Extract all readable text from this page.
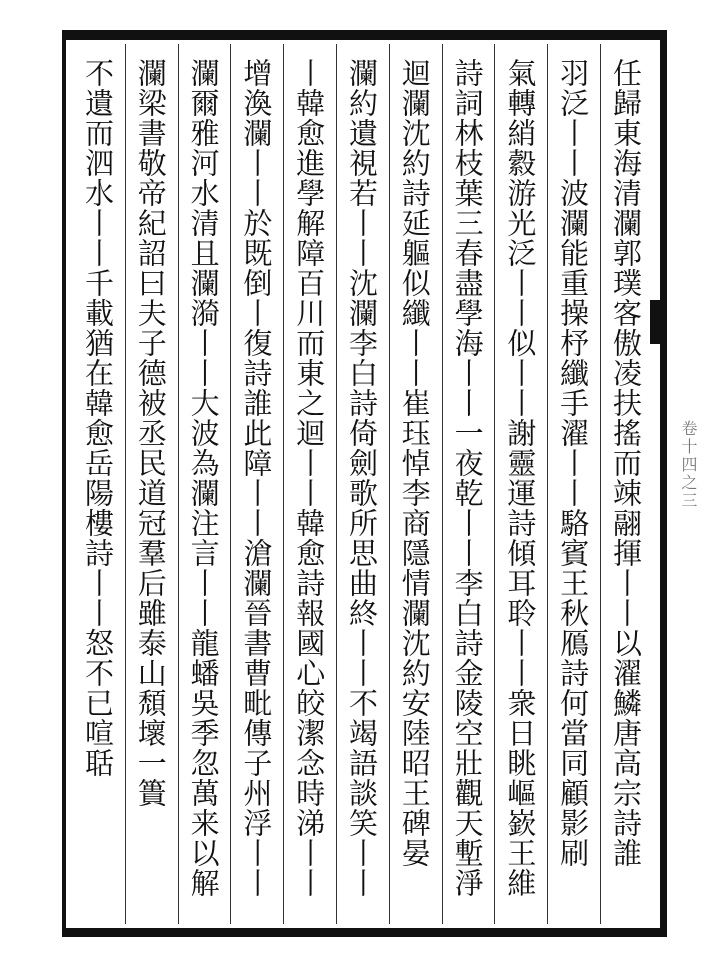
卷十四之三
任歸東海清瀾郭璞客傲凌扶搖而竦翮揮丨丨以濯鱗唐高宗詩誰
羽泛丨丨波瀾能重操杼纖手濯丨丨駱賓王秋鴈詩何當同顧影刷
氣轉綃縠游光泛丨丨似丨丨謝靈運詩傾耳聆丨丨衆日眺嶇嶔王維
詩詞林枝葉三春盡學海丨丨一夜乾丨丨李白詩金陵空壯觀天塹淨
迴瀾沈約詩延軀似纖丨丨崔珏悼李商隱情瀾沈約安陸昭王碑晏
瀾約遺視若丨丨沈瀾李白詩倚劍歌所思曲終丨丨不竭語談笑丨丨
丨韓愈進學解障百川而東之迴丨丨韓愈詩報國心皎潔念時涕丨丨
增渙瀾丨丨於既倒丨復詩誰此障丨丨滄瀾晉書曹毗傳子州浮丨丨
瀾爾雅河水清且瀾漪丨丨大波為瀾注言丨丨龍蟠吳季忽萬来以解
瀾梁書敬帝紀詔曰夫子德被丞民道冠羣后雖泰山頹壞一簣
不遺而泗水丨丨千載猶在韓愈岳陽樓詩丨丨怒不已喧聒
